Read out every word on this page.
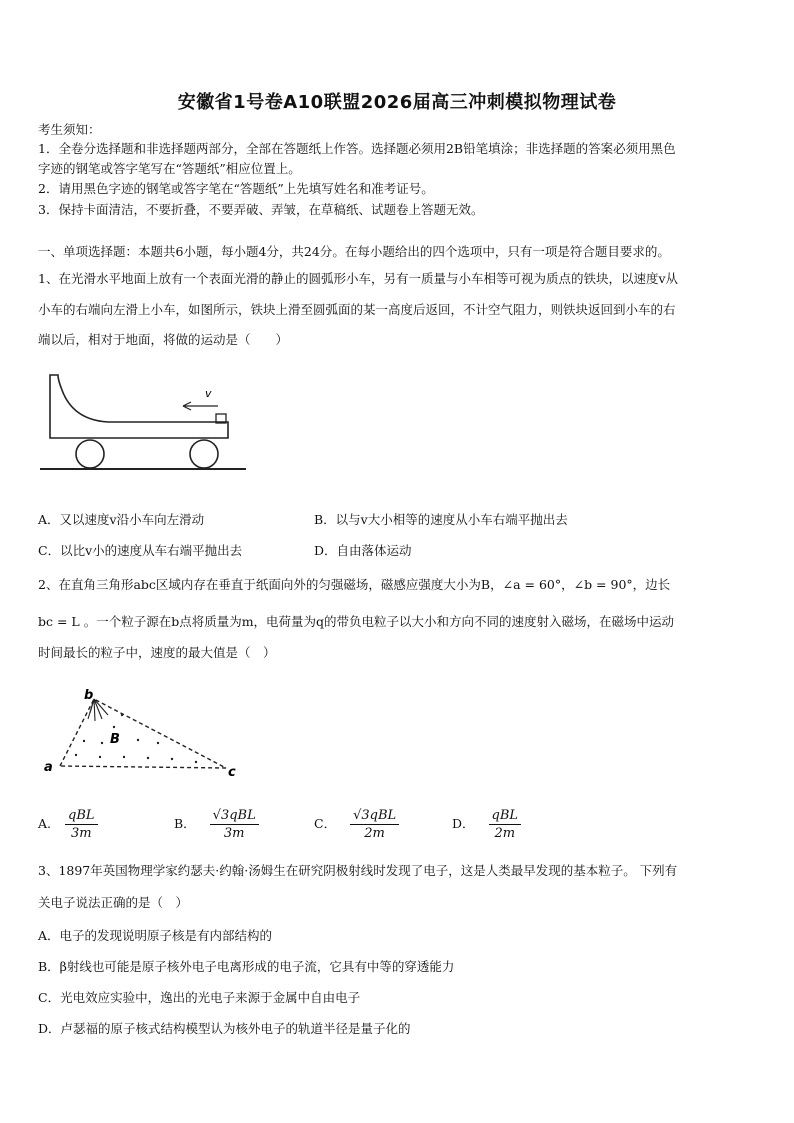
安徽省1号卷A10联盟2026届高三冲刺模拟物理试卷
考生须知：
1．全卷分选择题和非选择题两部分，全部在答题纸上作答。选择题必须用2B铅笔填涂；非选择题的答案必须用黑色
字迹的钢笔或答字笔写在“答题纸”相应位置上。
2．请用黑色字迹的钢笔或答字笔在“答题纸”上先填写姓名和准考证号。
3．保持卡面清洁，不要折叠，不要弄破、弄皱，在草稿纸、试题卷上答题无效。
一、单项选择题：本题共6小题，每小题4分，共24分。在每小题给出的四个选项中，只有一项是符合题目要求的。
1、在光滑水平地面上放有一个表面光滑的静止的圆弧形小车，另有一质量与小车相等可视为质点的铁块，以速度v从
小车的右端向左滑上小车，如图所示，铁块上滑至圆弧面的某一高度后返回，不计空气阻力，则铁块返回到小车的右
端以后，相对于地面，将做的运动是（　　）
v
A．又以速度v沿小车向左滑动	B．以与v大小相等的速度从小车右端平抛出去
C．以比v小的速度从车右端平抛出去	D．自由落体运动
2、在直角三角形abc区域内存在垂直于纸面向外的匀强磁场，磁感应强度大小为B，∠a = 60°，∠b = 90°，边长
bc = L 。一个粒子源在b点将质量为m，电荷量为q的带负电粒子以大小和方向不同的速度射入磁场，在磁场中运动
时间最长的粒子中，速度的最大值是（　）
b
a	c
B
A. $\frac{\text{qBL}}{3m}$	B． $\frac{\text{√3qBL}}{3m}$	C． $\frac{\text{√3qBL}}{2m}$	D． $\frac{\text{qBL}}{2m}$
3、1897年英国物理学家约瑟夫·约翰·汤姆生在研究阴极射线时发现了电子，这是人类最早发现的基本粒子。 下列有
关电子说法正确的是（　）
A．电子的发现说明原子核是有内部结构的
B．β射线也可能是原子核外电子电离形成的电子流，它具有中等的穿透能力
C．光电效应实验中，逸出的光电子来源于金属中自由电子
D．卢瑟福的原子核式结构模型认为核外电子的轨道半径是量子化的
